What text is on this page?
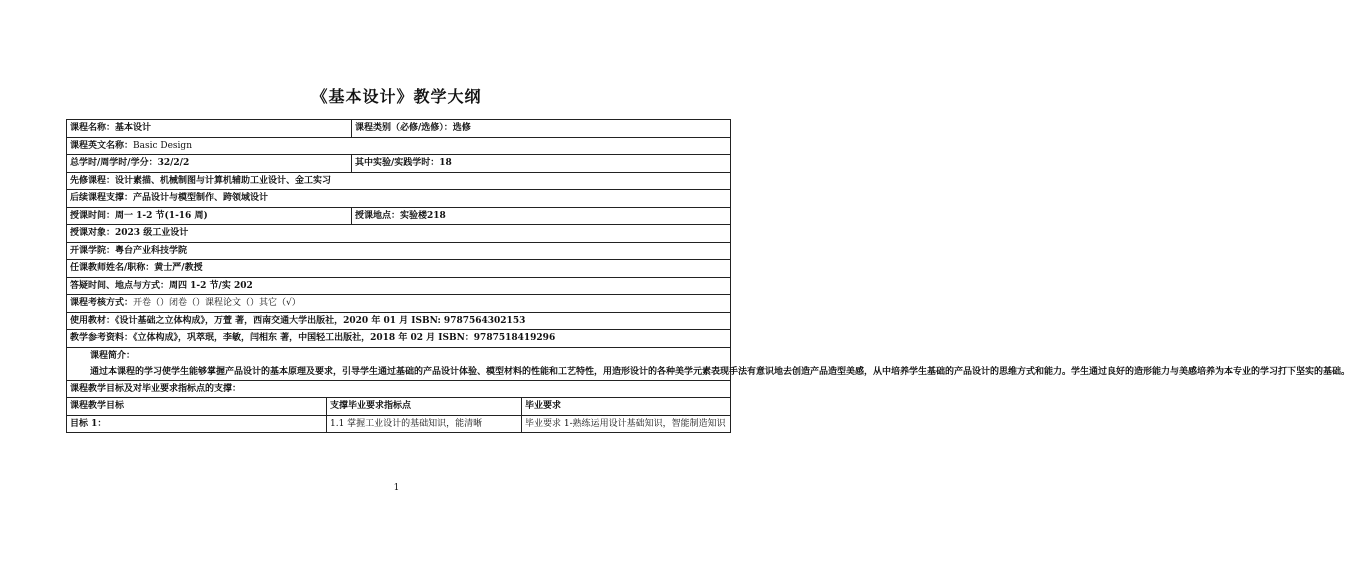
《基本设计》教学大纲
课程名称：基本设计		课程类别（必修/选修）：选修	
课程英文名称：Basic Design			
总学时/周学时/学分：32/2/2		其中实验/实践学时：18	
先修课程：设计素描、机械制图与计算机辅助工业设计、金工实习			
后续课程支撑：产品设计与模型制作、跨领域设计			
授课时间：周一 1-2 节(1-16 周)		授课地点：实验楼218	
授课对象：2023 级工业设计			
开课学院：粤台产业科技学院			
任课教师姓名/职称：黄士严/教授			
答疑时间、地点与方式：周四 1-2 节/实 202			
课程考核方式：开卷（）闭卷（）课程论文（）其它（√）			
使用教材：《设计基础之立体构成》，万萱 著，西南交通大学出版社，2020 年 01 月 ISBN: 9787564302153			
教学参考资料：《立体构成》，巩萃珉，李敏，闫相东 著，中国轻工出版社，2018 年 02 月 ISBN：9787518419296			

课程简介：
通过本课程的学习使学生能够掌握产品设计的基本原理及要求，引导学生通过基础的产品设计体验、模型材料的性能和工艺特性，用造形设计的各种美学元素表现手法有意识地去创造产品造型美感，从中培养学生基础的产品设计的思维方式和能力。学生通过良好的造形能力与美感培养为本专业的学习打下坚实的基础。			

课程教学目标及对毕业要求指标点的支撑：			
课程教学目标	支撑毕业要求指标点		毕业要求
目标 1：	1.1 掌握工业设计的基础知识，能清晰		毕业要求 1-熟练运用设计基础知识，智能制造知识
1
